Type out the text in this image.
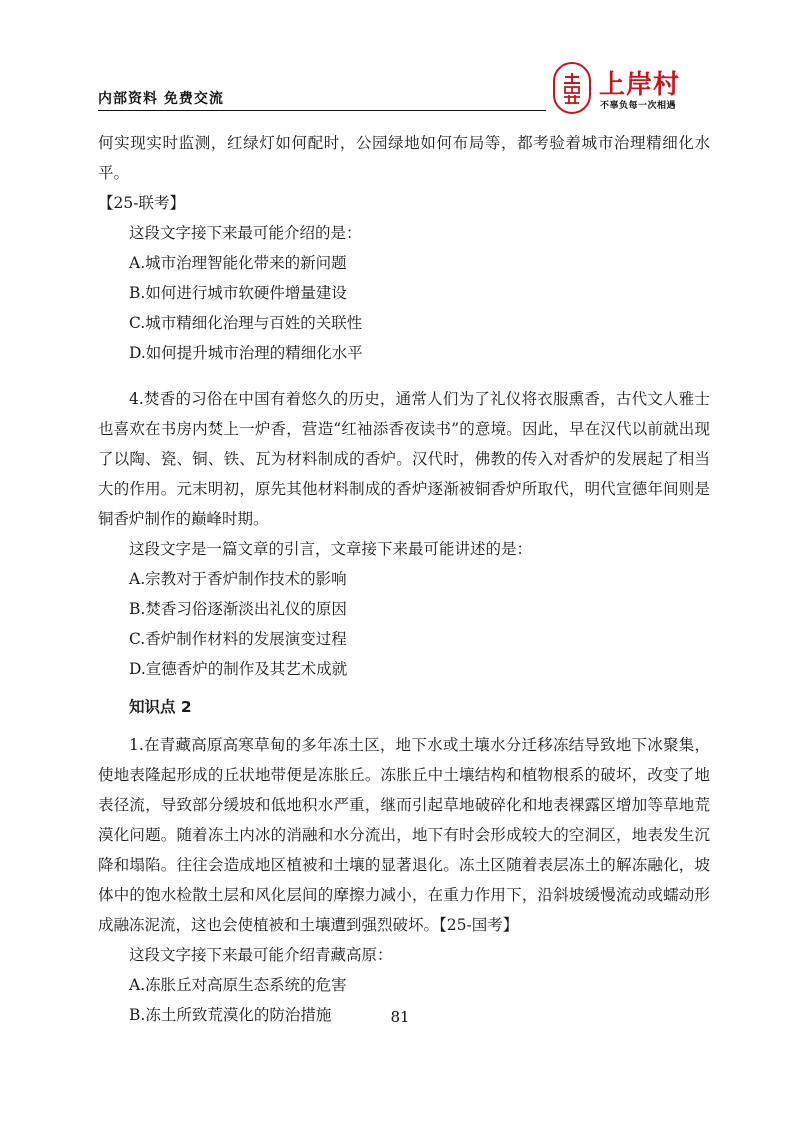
内部资料 免费交流	上岸村
不辜负每一次相遇

何实现实时监测，红绿灯如何配时，公园绿地如何布局等，都考验着城市治理精细化水平。

【25-联考】

这段文字接下来最可能介绍的是：

A.城市治理智能化带来的新问题

B.如何进行城市软硬件增量建设

C.城市精细化治理与百姓的关联性

D.如何提升城市治理的精细化水平

4.焚香的习俗在中国有着悠久的历史，通常人们为了礼仪将衣服熏香，古代文人雅士也喜欢在书房内焚上一炉香，营造“红袖添香夜读书”的意境。因此，早在汉代以前就出现了以陶、瓷、铜、铁、瓦为材料制成的香炉。汉代时，佛教的传入对香炉的发展起了相当大的作用。元末明初，原先其他材料制成的香炉逐渐被铜香炉所取代，明代宣德年间则是铜香炉制作的巅峰时期。

这段文字是一篇文章的引言，文章接下来最可能讲述的是：

A.宗教对于香炉制作技术的影响

B.焚香习俗逐渐淡出礼仪的原因

C.香炉制作材料的发展演变过程

D.宣德香炉的制作及其艺术成就

知识点 2

1.在青藏高原高寒草甸的多年冻土区，地下水或土壤水分迁移冻结导致地下冰聚集，使地表隆起形成的丘状地带便是冻胀丘。冻胀丘中土壤结构和植物根系的破坏，改变了地表径流，导致部分缓坡和低地积水严重，继而引起草地破碎化和地表裸露区增加等草地荒漠化问题。随着冻土内冰的消融和水分流出，地下有时会形成较大的空洞区，地表发生沉降和塌陷。往往会造成地区植被和土壤的显著退化。冻土区随着表层冻土的解冻融化，坡体中的饱水检散土层和风化层间的摩擦力减小，在重力作用下，沿斜坡缓慢流动或蠕动形成融冻泥流，这也会使植被和土壤遭到强烈破坏。【25-国考】

这段文字接下来最可能介绍青藏高原：

A.冻胀丘对高原生态系统的危害

B.冻土所致荒漠化的防治措施	81
